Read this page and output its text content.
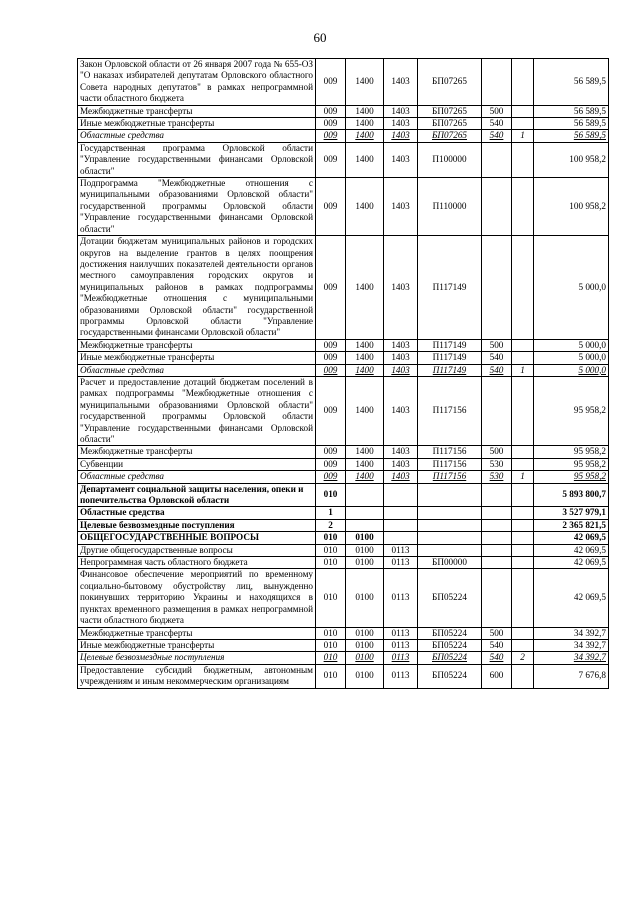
60
Закон Орловской области от 26 января 2007 года № 655-ОЗ "О наказах избирателей депутатам Орловского областного Совета народных депутатов" в рамках непрограммной части областного бюджета	009	1400	1403	БП07265			56 589,5
Межбюджетные трансферты	009	1400	1403	БП07265	500		56 589,5
Иные межбюджетные трансферты	009	1400	1403	БП07265	540		56 589,5
Областные средства	009	1400	1403	БП07265	540	1	56 589,5
Государственная программа Орловской области "Управление государственными финансами Орловской области"	009	1400	1403	П100000			100 958,2
Подпрограмма "Межбюджетные отношения с муниципальными образованиями Орловской области" государственной программы Орловской области "Управление государственными финансами Орловской области"	009	1400	1403	П110000			100 958,2
Дотации бюджетам муниципальных районов и городских округов на выделение грантов в целях поощрения достижения наилучших показателей деятельности органов местного самоуправления городских округов и муниципальных районов в рамках подпрограммы "Межбюджетные отношения с муниципальными образованиями Орловской области" государственной программы Орловской области "Управление государственными финансами Орловской области"	009	1400	1403	П117149			5 000,0
Межбюджетные трансферты	009	1400	1403	П117149	500		5 000,0
Иные межбюджетные трансферты	009	1400	1403	П117149	540		5 000,0
Областные средства	009	1400	1403	П117149	540	1	5 000,0
Расчет и предоставление дотаций бюджетам поселений в рамках подпрограммы "Межбюджетные отношения с муниципальными образованиями Орловской области" государственной программы Орловской области "Управление государственными финансами Орловской области"	009	1400	1403	П117156			95 958,2
Межбюджетные трансферты	009	1400	1403	П117156	500		95 958,2
Субвенции	009	1400	1403	П117156	530		95 958,2
Областные средства	009	1400	1403	П117156	530	1	95 958,2
Департамент социальной защиты населения, опеки и попечительства Орловской области	010						5 893 800,7
Областные средства	1						3 527 979,1
Целевые безвозмездные поступления	2						2 365 821,5
ОБЩЕГОСУДАРСТВЕННЫЕ ВОПРОСЫ	010	0100					42 069,5
Другие общегосударственные вопросы	010	0100	0113				42 069,5
Непрограммная часть областного бюджета	010	0100	0113	БП00000			42 069,5
Финансовое обеспечение мероприятий по временному социально-бытовому обустройству лиц, вынужденно покинувших территорию Украины и находящихся в пунктах временного размещения в рамках непрограммной части областного бюджета	010	0100	0113	БП05224			42 069,5
Межбюджетные трансферты	010	0100	0113	БП05224	500		34 392,7
Иные межбюджетные трансферты	010	0100	0113	БП05224	540		34 392,7
Целевые безвозмездные поступления	010	0100	0113	БП05224	540	2	34 392,7
Предоставление субсидий бюджетным, автономным учреждениям и иным некоммерческим организациям	010	0100	0113	БП05224	600		7 676,8
